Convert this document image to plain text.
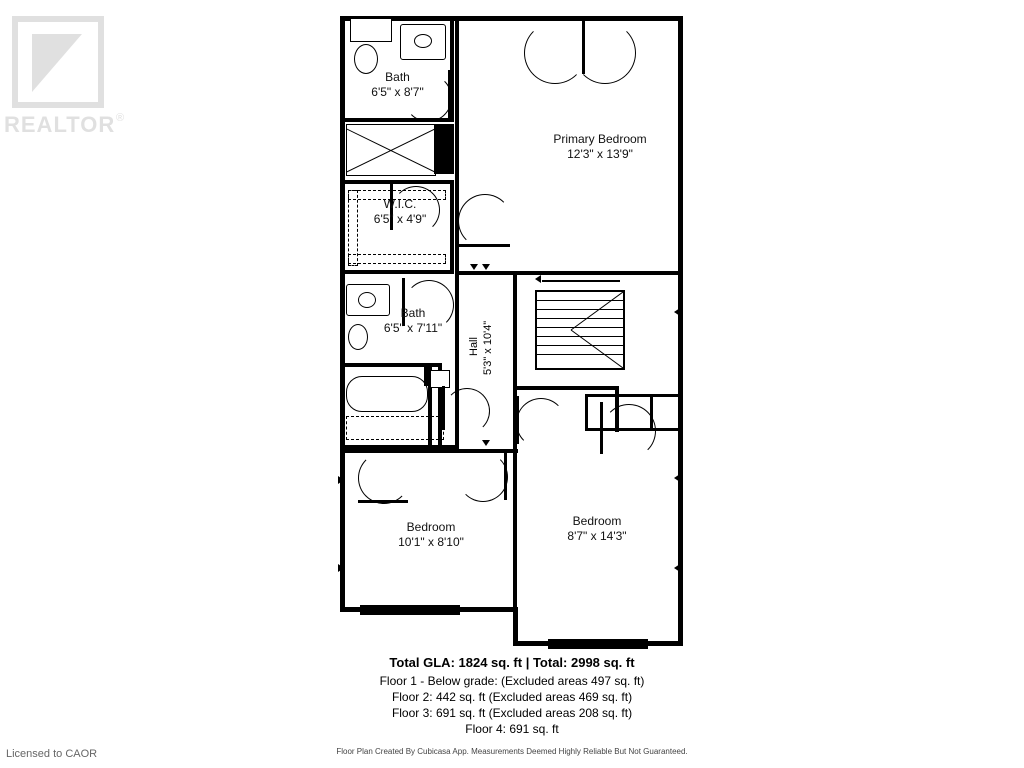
REALTOR ®
Bath
6'5" x 8'7"
Primary Bedroom
12'3" x 13'9"
W.I.C.
6'5" x 4'9"
Bath
6'5" x 7'11"
Hall 5'3" x 10'4"
Bedroom
10'1" x 8'10"
Bedroom
8'7" x 14'3"
Total GLA: 1824 sq. ft | Total: 2998 sq. ft
Floor 1 - Below grade: (Excluded areas 497 sq. ft)
Floor 2: 442 sq. ft (Excluded areas 469 sq. ft)
Floor 3: 691 sq. ft (Excluded areas 208 sq. ft)
Floor 4: 691 sq. ft
Floor Plan Created By Cubicasa App. Measurements Deemed Highly Reliable But Not Guaranteed.
Licensed to CAOR
